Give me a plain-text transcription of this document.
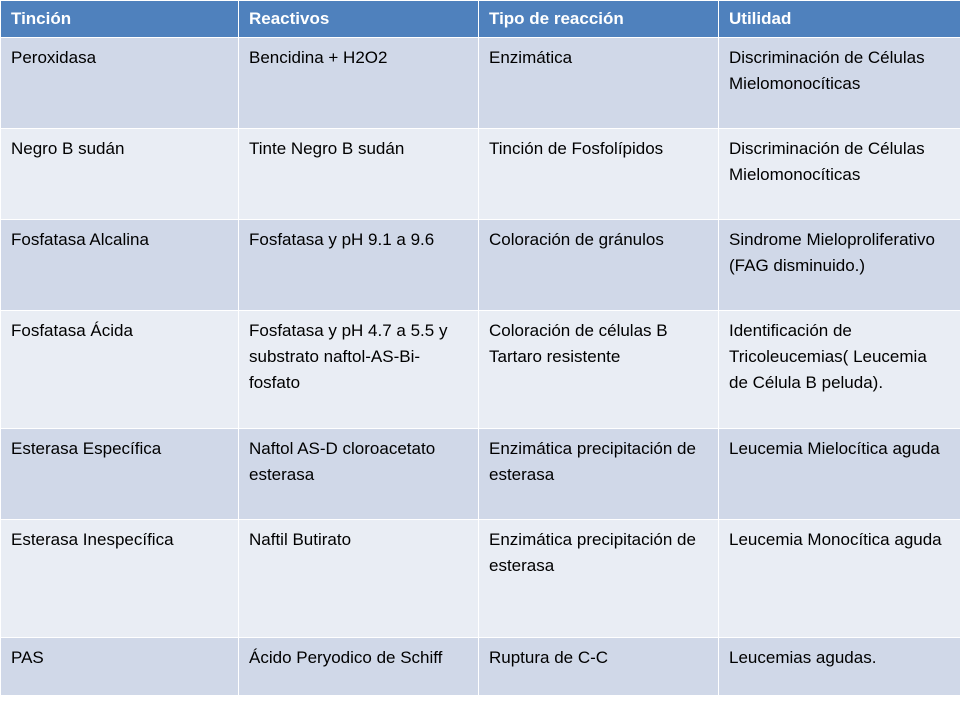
Tinción	Reactivos	Tipo de reacción	Utilidad
Peroxidasa	Bencidina + H2O2	Enzimática	Discriminación de Células Mielomonocíticas
Negro B sudán	Tinte Negro B sudán	Tinción de Fosfolípidos	Discriminación de Células Mielomonocíticas
Fosfatasa Alcalina	Fosfatasa y pH 9.1 a 9.6	Coloración de gránulos	Sindrome Mieloproliferativo (FAG disminuido.)
Fosfatasa Ácida	Fosfatasa y pH 4.7 a 5.5 y substrato naftol-AS-Bi-fosfato	Coloración de células B Tartaro resistente	Identificación de Tricoleucemias( Leucemia de Célula B peluda).
Esterasa Específica	Naftol AS-D cloroacetato esterasa	Enzimática precipitación de esterasa	Leucemia Mielocítica aguda
Esterasa Inespecífica	Naftil Butirato	Enzimática precipitación de esterasa	Leucemia Monocítica aguda
PAS	Ácido Peryodico de Schiff	Ruptura de C-C	Leucemias agudas.
